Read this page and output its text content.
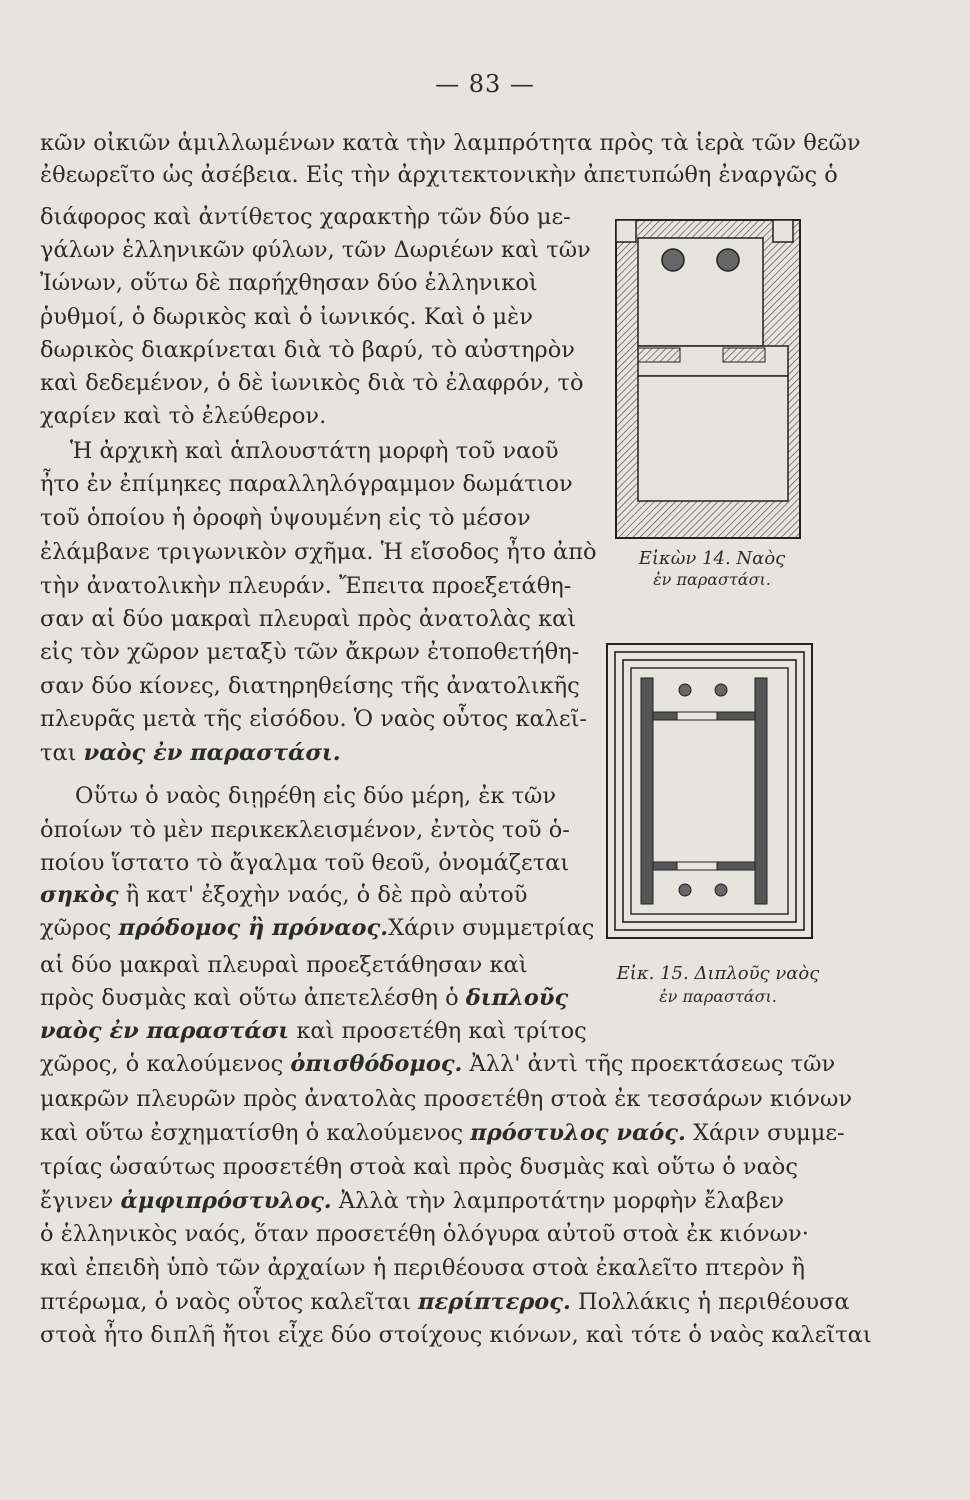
— 83 —
κῶν οἰκιῶν ἁμιλλωμένων κατὰ τὴν λαμπρότητα πρὸς τὰ ἱερὰ τῶν θεῶν
ἐθεωρεῖτο ὡς ἀσέβεια. Εἰς τὴν ἀρχιτεκτονικὴν ἀπετυπώθη ἐναργῶς ὁ
διάφορος καὶ ἀντίθετος χαρακτὴρ τῶν δύο με-
γάλων ἑλληνικῶν φύλων, τῶν Δωριέων καὶ τῶν
Ἰώνων, οὕτω δὲ παρήχθησαν δύο ἑλληνικοὶ
ῥυθμοί, ὁ δωρικὸς καὶ ὁ ἰωνικός. Καὶ ὁ μὲν
δωρικὸς διακρίνεται διὰ τὸ βαρύ, τὸ αὐστηρὸν
καὶ δεδεμένον, ὁ δὲ ἰωνικὸς διὰ τὸ ἐλαφρόν, τὸ
χαρίεν καὶ τὸ ἐλεύθερον.
Ἡ ἀρχικὴ καὶ ἁπλουστάτη μορφὴ τοῦ ναοῦ
ἦτο ἐν ἐπίμηκες παραλληλόγραμμον δωμάτιον
τοῦ ὁποίου ἡ ὀροφὴ ὑψουμένη εἰς τὸ μέσον
ἐλάμβανε τριγωνικὸν σχῆμα. Ἡ εἴσοδος ἦτο ἀπὸ
τὴν ἀνατολικὴν πλευράν. Ἔπειτα προεξετάθη-
σαν αἱ δύο μακραὶ πλευραὶ πρὸς ἀνατολὰς καὶ
εἰς τὸν χῶρον μεταξὺ τῶν ἄκρων ἐτοποθετήθη-
σαν δύο κίονες, διατηρηθείσης τῆς ἀνατολικῆς
πλευρᾶς μετὰ τῆς εἰσόδου. Ὁ ναὸς οὗτος καλεῖ-
ται ναὸς ἐν παραστάσι.
Οὕτω ὁ ναὸς διῃρέθη εἰς δύο μέρη, ἐκ τῶν
ὁποίων τὸ μὲν περικεκλεισμένον, ἐντὸς τοῦ ὁ-
ποίου ἵστατο τὸ ἄγαλμα τοῦ θεοῦ, ὀνομάζεται
σηκὸς ἢ κατ' ἐξοχὴν ναός, ὁ δὲ πρὸ αὐτοῦ
χῶρος πρόδομος ἢ πρόναος.Χάριν συμμετρίας
αἱ δύο μακραὶ πλευραὶ προεξετάθησαν καὶ
πρὸς δυσμὰς καὶ οὕτω ἀπετελέσθη ὁ διπλοῦς
ναὸς ἐν παραστάσι καὶ προσετέθη καὶ τρίτος
χῶρος, ὁ καλούμενος ὀπισθόδομος. Ἀλλ' ἀντὶ τῆς προεκτάσεως τῶν
μακρῶν πλευρῶν πρὸς ἀνατολὰς προσετέθη στοὰ ἐκ τεσσάρων κιόνων
καὶ οὕτω ἐσχηματίσθη ὁ καλούμενος πρόστυλος ναός. Χάριν συμμε-
τρίας ὡσαύτως προσετέθη στοὰ καὶ πρὸς δυσμὰς καὶ οὕτω ὁ ναὸς
ἔγινεν ἀμφιπρόστυλος. Ἀλλὰ τὴν λαμπροτάτην μορφὴν ἔλαβεν
ὁ ἑλληνικὸς ναός, ὅταν προσετέθη ὁλόγυρα αὐτοῦ στοὰ ἐκ κιόνων·
καὶ ἐπειδὴ ὑπὸ τῶν ἀρχαίων ἡ περιθέουσα στοὰ ἐκαλεῖτο πτερὸν ἢ
πτέρωμα, ὁ ναὸς οὗτος καλεῖται περίπτερος. Πολλάκις ἡ περιθέουσα
στοὰ ἦτο διπλῆ ἤτοι εἶχε δύο στοίχους κιόνων, καὶ τότε ὁ ναὸς καλεῖται
Εἰκὼν 14. Ναὸς
ἐν παραστάσι.
Εἰκ. 15. Διπλοῦς ναὸς
ἐν παραστάσι.
